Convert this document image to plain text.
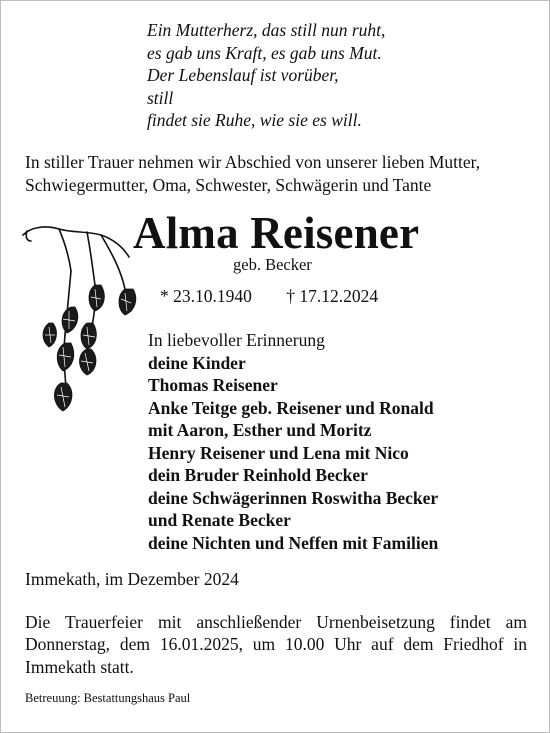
Ein Mutterherz, das still nun ruht,
es gab uns Kraft, es gab uns Mut.
Der Lebenslauf ist vorüber,
still
findet sie Ruhe, wie sie es will.
In stiller Trauer nehmen wir Abschied von unserer lieben Mutter,
Schwiegermutter, Oma, Schwester, Schwägerin und Tante
Alma Reisener
geb. Becker
* 23.10.1940 † 17.12.2024
In liebevoller Erinnerung
deine Kinder
Thomas Reisener
Anke Teitge geb. Reisener und Ronald
mit Aaron, Esther und Moritz
Henry Reisener und Lena mit Nico
dein Bruder Reinhold Becker
deine Schwägerinnen Roswitha Becker
und Renate Becker
deine Nichten und Neffen mit Familien
Immekath, im Dezember 2024
Die Trauerfeier mit anschließender Urnenbeisetzung findet am
Donnerstag, dem 16.01.2025, um 10.00 Uhr auf dem Friedhof in
Immekath statt.
Betreuung: Bestattungshaus Paul
